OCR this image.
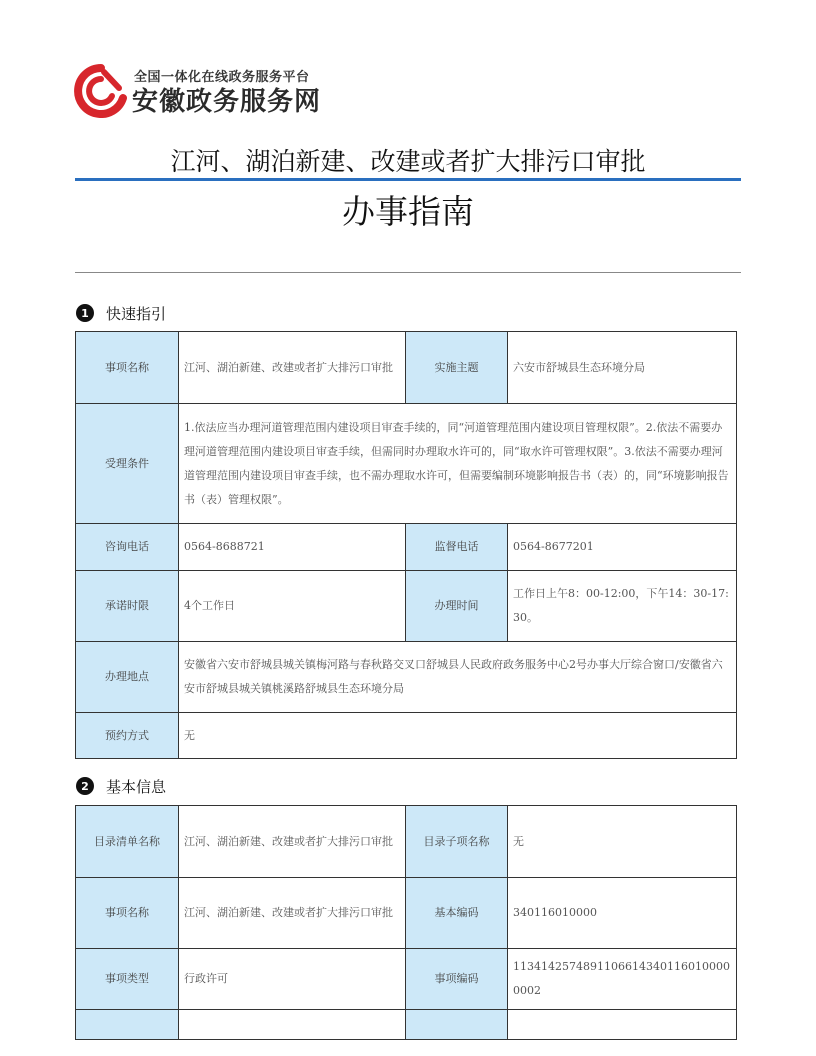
全国一体化在线政务服务平台
安徽政务服务网
江河、湖泊新建、改建或者扩大排污口审批
办事指南
1	快速指引
事项名称	江河、湖泊新建、改建或者扩大排污口审批	实施主题	六安市舒城县生态环境分局
受理条件	1.依法应当办理河道管理范围内建设项目审查手续的，同“河道管理范围内建设项目管理权限”。2.依法不需要办理河道管理范围内建设项目审查手续，但需同时办理取水许可的，同“取水许可管理权限”。3.依法不需要办理河道管理范围内建设项目审查手续，也不需办理取水许可，但需要编制环境影响报告书（表）的，同“环境影响报告书（表）管理权限”。		
咨询电话	0564-8688721	监督电话	0564-8677201
承诺时限	4个工作日	办理时间	工作日上午8：00-12:00，下午14：30-17:30。
办理地点	安徽省六安市舒城县城关镇梅河路与春秋路交叉口舒城县人民政府政务服务中心2号办事大厅综合窗口/安徽省六安市舒城县城关镇桃溪路舒城县生态环境分局		
预约方式	无		
2	基本信息
目录清单名称	江河、湖泊新建、改建或者扩大排污口审批	目录子项名称	无
事项名称	江河、湖泊新建、改建或者扩大排污口审批	基本编码	340116010000
事项类型	行政许可	事项编码	11341425748911066143401160100000002
